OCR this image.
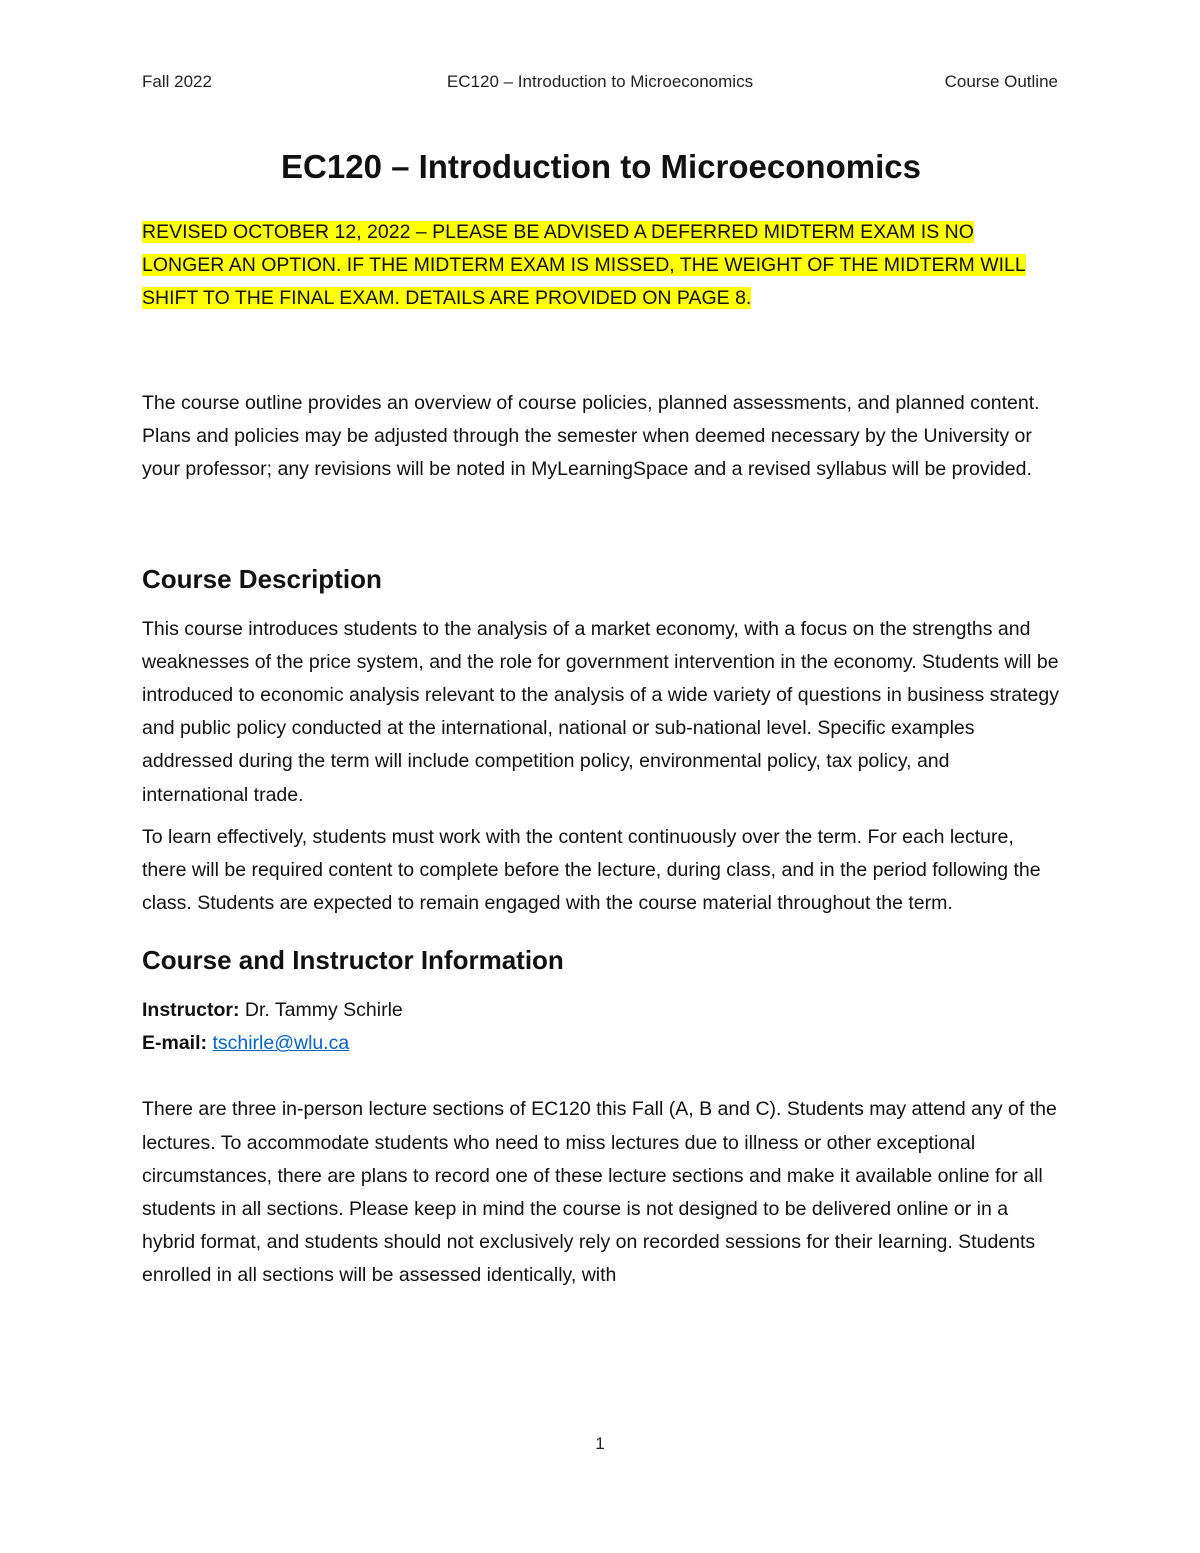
Fall 2022	EC120 – Introduction to Microeconomics	Course Outline
EC120 – Introduction to Microeconomics

REVISED OCTOBER 12, 2022 – PLEASE BE ADVISED A DEFERRED MIDTERM EXAM IS NO LONGER AN OPTION. IF THE MIDTERM EXAM IS MISSED, THE WEIGHT OF THE MIDTERM WILL SHIFT TO THE FINAL EXAM. DETAILS ARE PROVIDED ON PAGE 8.

The course outline provides an overview of course policies, planned assessments, and planned content. Plans and policies may be adjusted through the semester when deemed necessary by the University or your professor; any revisions will be noted in MyLearningSpace and a revised syllabus will be provided.

Course Description

This course introduces students to the analysis of a market economy, with a focus on the strengths and weaknesses of the price system, and the role for government intervention in the economy. Students will be introduced to economic analysis relevant to the analysis of a wide variety of questions in business strategy and public policy conducted at the international, national or sub-national level. Specific examples addressed during the term will include competition policy, environmental policy, tax policy, and international trade.

To learn effectively, students must work with the content continuously over the term. For each lecture, there will be required content to complete before the lecture, during class, and in the period following the class. Students are expected to remain engaged with the course material throughout the term.

Course and Instructor Information
Instructor: Dr. Tammy Schirle
E-mail: tschirle@wlu.ca

There are three in-person lecture sections of EC120 this Fall (A, B and C). Students may attend any of the lectures. To accommodate students who need to miss lectures due to illness or other exceptional circumstances, there are plans to record one of these lecture sections and make it available online for all students in all sections. Please keep in mind the course is not designed to be delivered online or in a hybrid format, and students should not exclusively rely on recorded sessions for their learning. Students enrolled in all sections will be assessed identically, with

1
